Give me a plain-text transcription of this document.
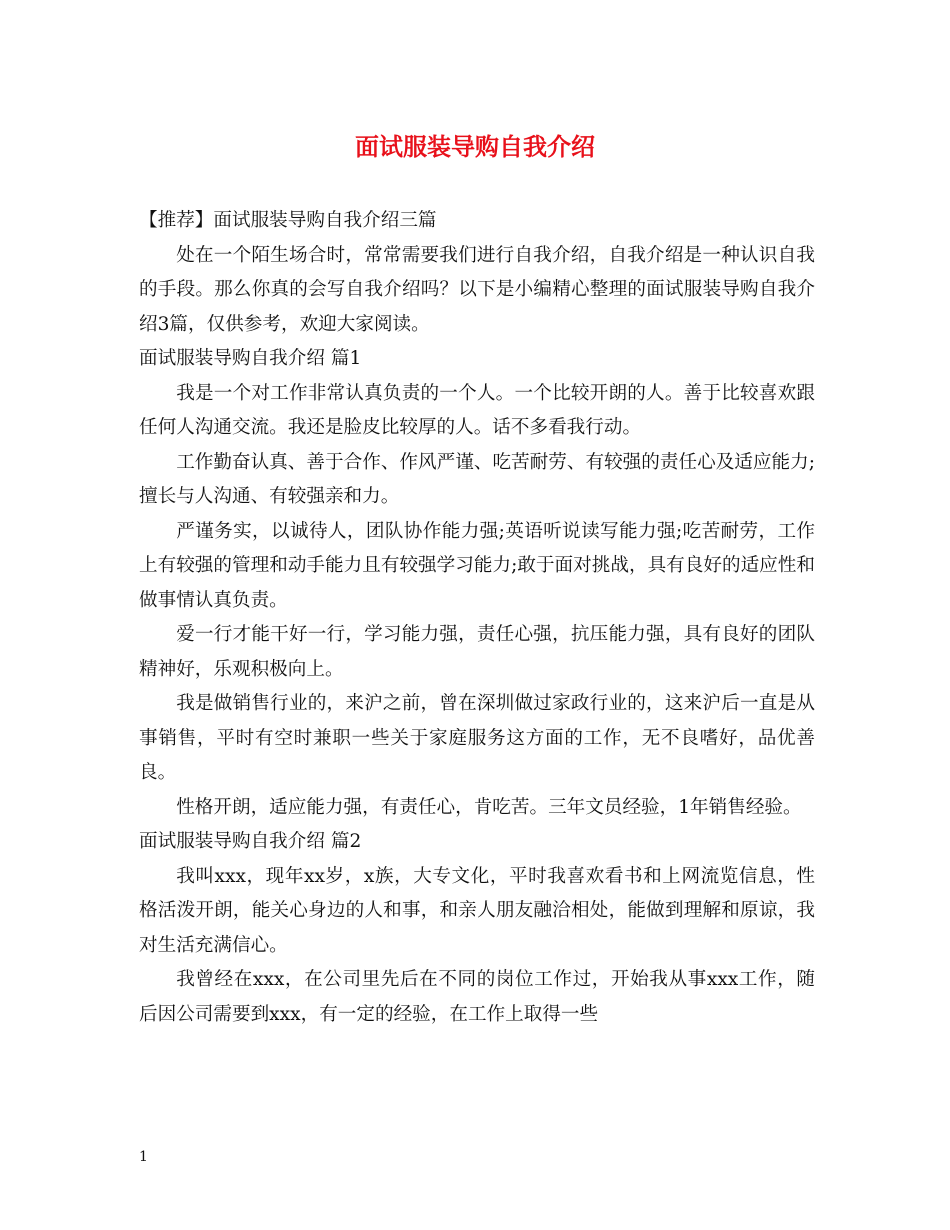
面试服装导购自我介绍

【推荐】面试服装导购自我介绍三篇

处在一个陌生场合时，常常需要我们进行自我介绍，自我介绍是一种认识自我的手段。那么你真的会写自我介绍吗？以下是小编精心整理的面试服装导购自我介绍3篇，仅供参考，欢迎大家阅读。

面试服装导购自我介绍 篇1

我是一个对工作非常认真负责的一个人。一个比较开朗的人。善于比较喜欢跟任何人沟通交流。我还是脸皮比较厚的人。话不多看我行动。

工作勤奋认真、善于合作、作风严谨、吃苦耐劳、有较强的责任心及适应能力;擅长与人沟通、有较强亲和力。

严谨务实，以诚待人，团队协作能力强;英语听说读写能力强;吃苦耐劳，工作上有较强的管理和动手能力且有较强学习能力;敢于面对挑战，具有良好的适应性和做事情认真负责。

爱一行才能干好一行，学习能力强，责任心强，抗压能力强，具有良好的团队精神好，乐观积极向上。

我是做销售行业的，来沪之前，曾在深圳做过家政行业的，这来沪后一直是从事销售，平时有空时兼职一些关于家庭服务这方面的工作，无不良嗜好，品优善良。

性格开朗，适应能力强，有责任心，肯吃苦。三年文员经验，1年销售经验。

面试服装导购自我介绍 篇2

我叫xxx，现年xx岁，x族，大专文化，平时我喜欢看书和上网流览信息，性格活泼开朗，能关心身边的人和事，和亲人朋友融洽相处，能做到理解和原谅，我对生活充满信心。

我曾经在xxx，在公司里先后在不同的岗位工作过，开始我从事xxx工作，随后因公司需要到xxx，有一定的经验，在工作上取得一些

1
